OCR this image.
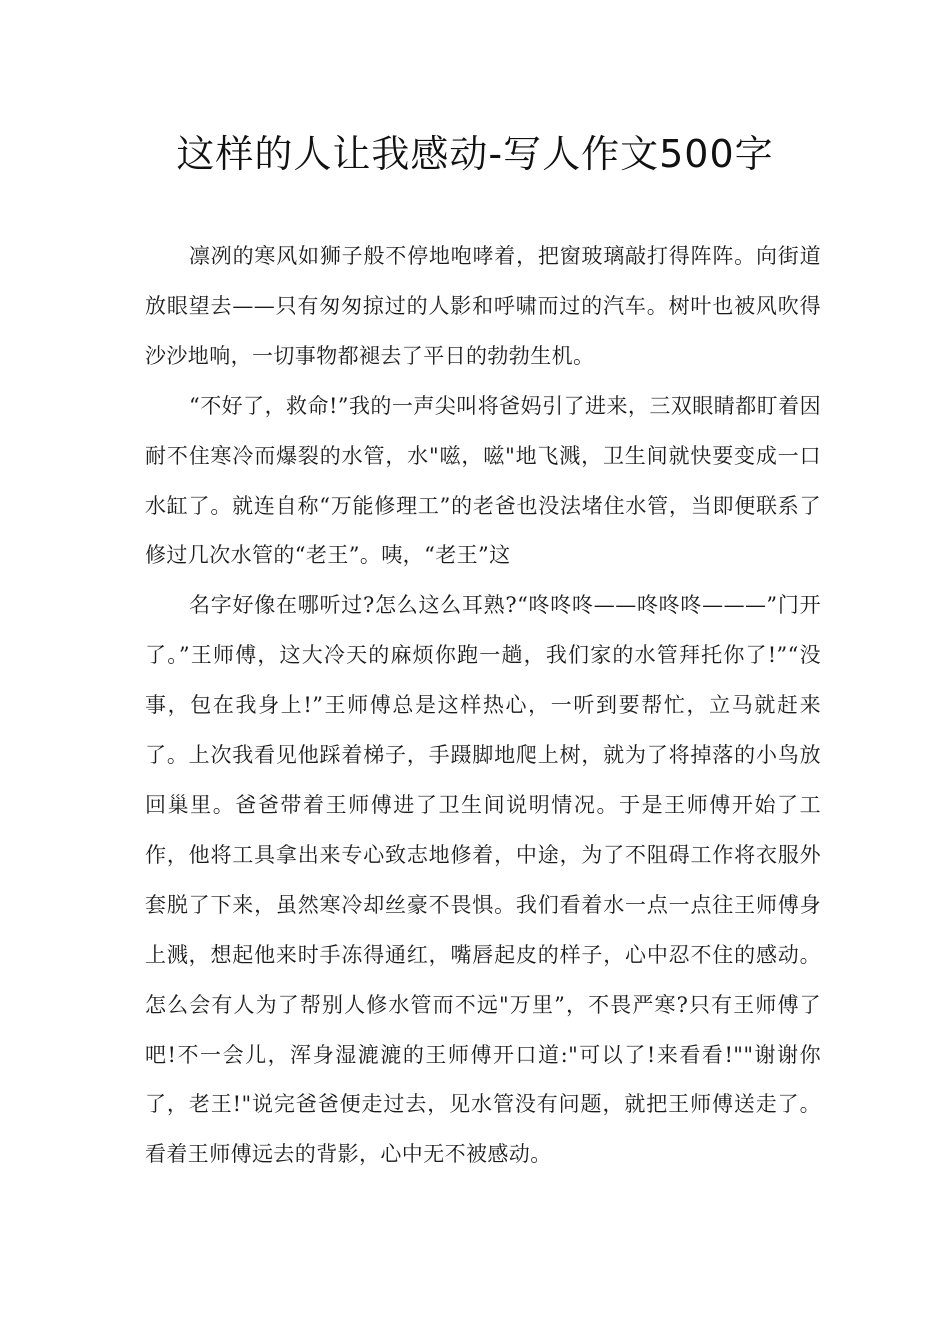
这样的人让我感动-写人作文500字

凛冽的寒风如狮子般不停地咆哮着，把窗玻璃敲打得阵阵。向街道放眼望去——只有匆匆掠过的人影和呼啸而过的汽车。树叶也被风吹得沙沙地响，一切事物都褪去了平日的勃勃生机。

“不好了，救命!”我的一声尖叫将爸妈引了进来，三双眼睛都盯着因耐不住寒冷而爆裂的水管，水"嗞，嗞"地飞溅，卫生间就快要变成一口水缸了。就连自称“万能修理工”的老爸也没法堵住水管，当即便联系了修过几次水管的“老王”。咦，“老王”这

名字好像在哪听过?怎么这么耳熟?“咚咚咚——咚咚咚———”门开了。”王师傅，这大冷天的麻烦你跑一趟，我们家的水管拜托你了!”“没事，包在我身上!”王师傅总是这样热心，一听到要帮忙，立马就赶来了。上次我看见他踩着梯子，手蹑脚地爬上树，就为了将掉落的小鸟放回巢里。爸爸带着王师傅进了卫生间说明情况。于是王师傅开始了工作，他将工具拿出来专心致志地修着，中途，为了不阻碍工作将衣服外套脱了下来，虽然寒冷却丝豪不畏惧。我们看着水一点一点往王师傅身上溅，想起他来时手冻得通红，嘴唇起皮的样子，心中忍不住的感动。怎么会有人为了帮别人修水管而不远"万里”，不畏严寒?只有王师傅了吧!不一会儿，浑身湿漉漉的王师傅开口道:"可以了!来看看!""谢谢你了，老王!"说完爸爸便走过去，见水管没有问题，就把王师傅送走了。看着王师傅远去的背影，心中无不被感动。
